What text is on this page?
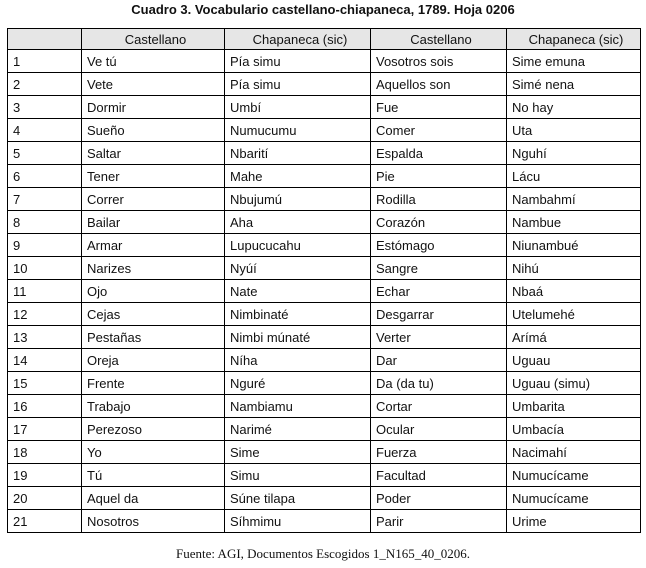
Cuadro 3. Vocabulario castellano-chiapaneca, 1789. Hoja 0206
	Castellano	Chapaneca (sic)	Castellano	Chapaneca (sic)
1	Ve tú	Pía simu	Vosotros sois	Sime emuna
2	Vete	Pía simu	Aquellos son	Simé nena
3	Dormir	Umbí	Fue	No hay
4	Sueño	Numucumu	Comer	Uta
5	Saltar	Nbarití	Espalda	Nguhí
6	Tener	Mahe	Pie	Lácu
7	Correr	Nbujumú	Rodilla	Nambahmí
8	Bailar	Aha	Corazón	Nambue
9	Armar	Lupucucahu	Estómago	Niunambué
10	Narizes	Nyúí	Sangre	Nihú
11	Ojo	Nate	Echar	Nbaá
12	Cejas	Nimbinaté	Desgarrar	Utelumehé
13	Pestañas	Nimbi múnaté	Verter	Arímá
14	Oreja	Níha	Dar	Uguau
15	Frente	Nguré	Da (da tu)	Uguau (simu)
16	Trabajo	Nambiamu	Cortar	Umbarita
17	Perezoso	Narimé	Ocular	Umbacía
18	Yo	Sime	Fuerza	Nacimahí
19	Tú	Simu	Facultad	Numucícame
20	Aquel da	Súne tilapa	Poder	Numucícame
21	Nosotros	Síhmimu	Parir	Urime
Fuente: AGI, Documentos Escogidos 1_N165_40_0206.
